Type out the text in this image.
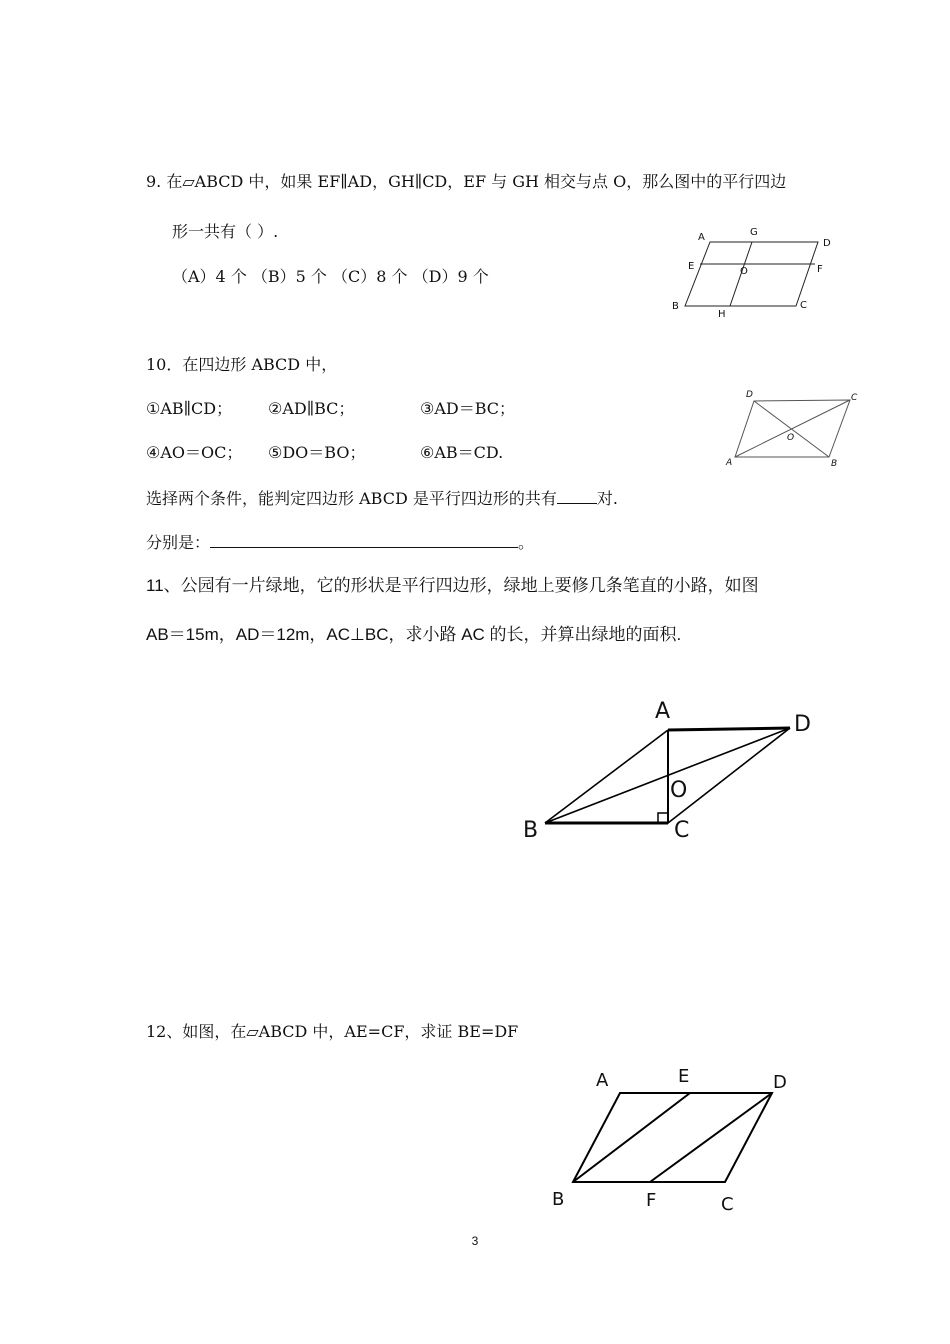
9. 在▱ABCD 中，如果 EF∥AD，GH∥CD，EF 与 GH 相交与点 O，那么图中的平行四边
形一共有（ ）.
（A）4 个 （B）5 个 （C）8 个 （D）9 个
A	G
D
E	O	F
B
H
C
10．在四边形 ABCD 中，
①AB∥CD； ②AD∥BC；	③AD＝BC；
④AO＝OC； ⑤DO＝BO；	⑥AB＝CD.
选择两个条件，能判定四边形 ABCD 是平行四边形的共有	对.
分别是：	。
D	C
O
A	B
11、公园有一片绿地，它的形状是平行四边形，绿地上要修几条笔直的小路，如图
AB＝15m，AD＝12m，AC⊥BC，求小路 AC 的长，并算出绿地的面积.
A
D
O
B	C
12、如图，在▱ABCD 中，AE=CF，求证 BE=DF
A	E	D
B	F	C
3
